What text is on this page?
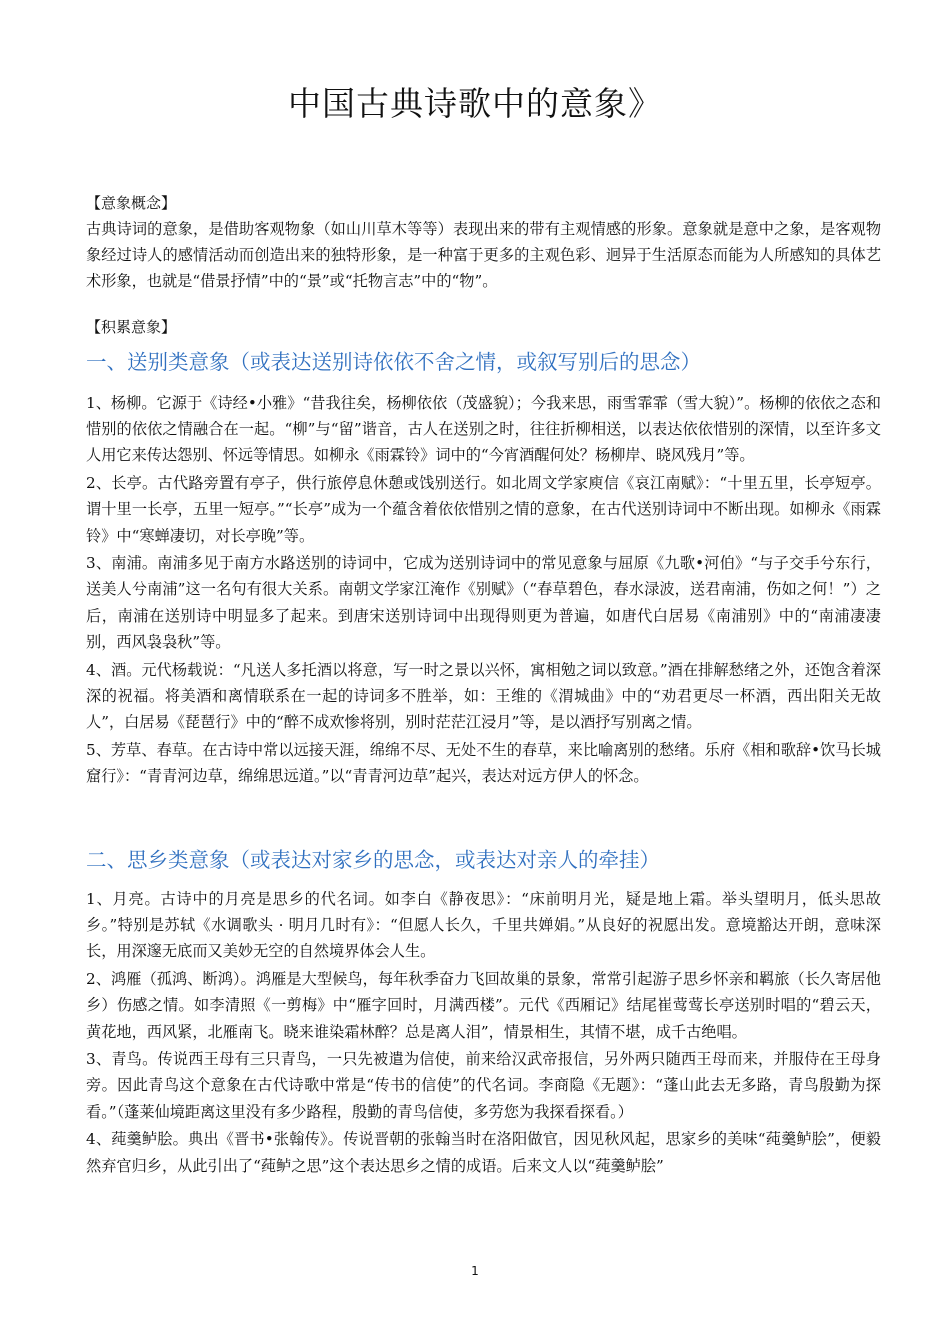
中国古典诗歌中的意象》
【意象概念】

古典诗词的意象，是借助客观物象（如山川草木等等）表现出来的带有主观情感的形象。意象就是意中之象，是客观物象经过诗人的感情活动而创造出来的独特形象，是一种富于更多的主观色彩、迥异于生活原态而能为人所感知的具体艺术形象，也就是“借景抒情”中的“景”或“托物言志”中的“物”。

【积累意象】
一、送别类意象（或表达送别诗依依不舍之情，或叙写别后的思念）

1、杨柳。它源于《诗经•小雅》“昔我往矣，杨柳依依（茂盛貌）；今我来思，雨雪霏霏（雪大貌）”。杨柳的依依之态和惜别的依依之情融合在一起。“柳”与“留”谐音，古人在送别之时，往往折柳相送，以表达依依惜别的深情，以至许多文人用它来传达怨别、怀远等情思。如柳永《雨霖铃》词中的“今宵酒醒何处？杨柳岸、晓风残月”等。

2、长亭。古代路旁置有亭子，供行旅停息休憩或饯别送行。如北周文学家庾信《哀江南赋》：“十里五里，长亭短亭。谓十里一长亭，五里一短亭。”“长亭”成为一个蕴含着依依惜别之情的意象，在古代送别诗词中不断出现。如柳永《雨霖铃》中“寒蝉凄切，对长亭晚”等。

3、南浦。南浦多见于南方水路送别的诗词中，它成为送别诗词中的常见意象与屈原《九歌•河伯》“与子交手兮东行，送美人兮南浦”这一名句有很大关系。南朝文学家江淹作《别赋》（“春草碧色，春水渌波，送君南浦，伤如之何！”）之后，南浦在送别诗中明显多了起来。到唐宋送别诗词中出现得则更为普遍，如唐代白居易《南浦别》中的“南浦凄凄别，西风袅袅秋”等。

4、酒。元代杨载说：“凡送人多托酒以将意，写一时之景以兴怀，寓相勉之词以致意。”酒在排解愁绪之外，还饱含着深深的祝福。将美酒和离情联系在一起的诗词多不胜举，如：王维的《渭城曲》中的“劝君更尽一杯酒，西出阳关无故人”，白居易《琵琶行》中的“醉不成欢惨将别，别时茫茫江浸月”等，是以酒抒写别离之情。

5、芳草、春草。在古诗中常以远接天涯，绵绵不尽、无处不生的春草，来比喻离别的愁绪。乐府《相和歌辞•饮马长城窟行》：“青青河边草，绵绵思远道。”以“青青河边草”起兴，表达对远方伊人的怀念。

二、思乡类意象（或表达对家乡的思念，或表达对亲人的牵挂）

1、月亮。古诗中的月亮是思乡的代名词。如李白《静夜思》：“床前明月光，疑是地上霜。举头望明月，低头思故乡。”特别是苏轼《水调歌头 · 明月几时有》：“但愿人长久，千里共婵娟。”从良好的祝愿出发。意境豁达开朗，意味深长，用深邃无底而又美妙无空的自然境界体会人生。

2、鸿雁（孤鸿、断鸿）。鸿雁是大型候鸟，每年秋季奋力飞回故巢的景象，常常引起游子思乡怀亲和羁旅（长久寄居他乡）伤感之情。如李清照《一剪梅》中“雁字回时，月满西楼”。元代《西厢记》结尾崔莺莺长亭送别时唱的“碧云天，黄花地，西风紧，北雁南飞。晓来谁染霜林醉？总是离人泪”，情景相生，其情不堪，成千古绝唱。

3、青鸟。传说西王母有三只青鸟，一只先被遣为信使，前来给汉武帝报信，另外两只随西王母而来，并服侍在王母身旁。因此青鸟这个意象在古代诗歌中常是“传书的信使”的代名词。李商隐《无题》：“蓬山此去无多路，青鸟殷勤为探看。”（蓬莱仙境距离这里没有多少路程，殷勤的青鸟信使，多劳您为我探看探看。）

4、莼羹鲈脍。典出《晋书•张翰传》。传说晋朝的张翰当时在洛阳做官，因见秋风起，思家乡的美味“莼羹鲈脍”，便毅然弃官归乡，从此引出了“莼鲈之思”这个表达思乡之情的成语。后来文人以“莼羹鲈脍”

1
